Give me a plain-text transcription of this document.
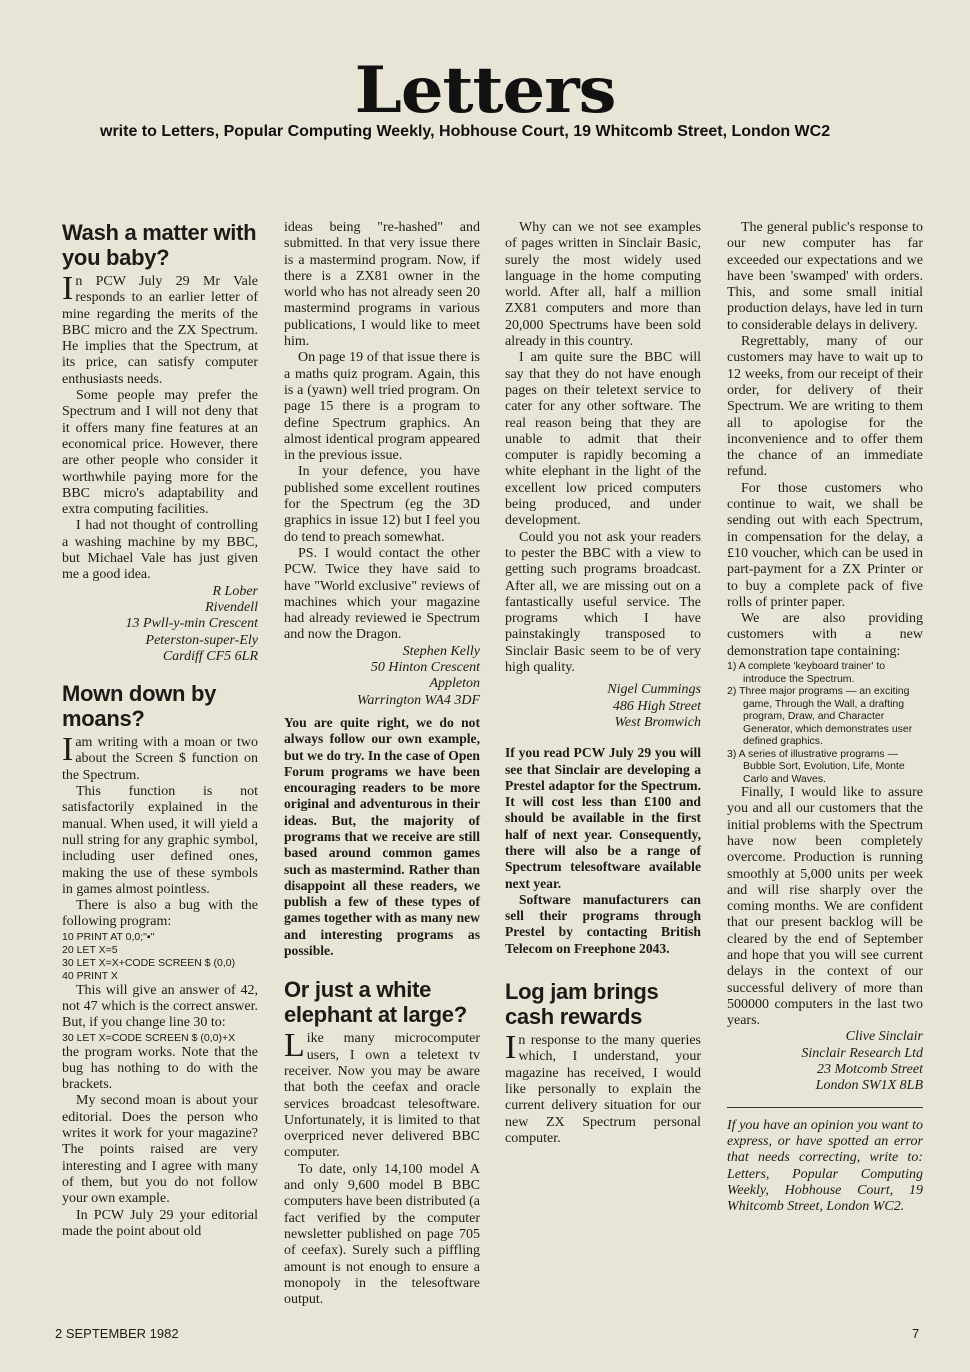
Letters
write to Letters, Popular Computing Weekly, Hobhouse Court, 19 Whitcomb Street, London WC2
Wash a matter with you baby?

In PCW July 29 Mr Vale responds to an earlier letter of mine regarding the merits of the BBC micro and the ZX Spectrum. He implies that the Spectrum, at its price, can satisfy computer enthusiasts needs.

Some people may prefer the Spectrum and I will not deny that it offers many fine features at an economical price. However, there are other people who consider it worthwhile paying more for the BBC micro's adaptability and extra computing facilities.

I had not thought of controlling a washing machine by my BBC, but Michael Vale has just given me a good idea.

R Lober
Rivendell
13 Pwll-y-min Crescent
Peterston-super-Ely
Cardiff CF5 6LR
Mown down by moans?

Iam writing with a moan or two about the Screen $ function on the Spectrum.

This function is not satisfactorily explained in the manual. When used, it will yield a null string for any graphic symbol, including user defined ones, making the use of these symbols in games almost pointless.

There is also a bug with the following program:

10 PRINT AT 0,0;"▪"
20 LET X=5
30 LET X=X+CODE SCREEN $ (0,0)
40 PRINT X

This will give an answer of 42, not 47 which is the correct answer. But, if you change line 30 to:

30 LET X=CODE SCREEN $ (0,0)+X

the program works. Note that the bug has nothing to do with the brackets.

My second moan is about your editorial. Does the person who writes it work for your magazine? The points raised are very interesting and I agree with many of them, but you do not follow your own example.

In PCW July 29 your editorial made the point about old

ideas being "re-hashed" and submitted. In that very issue there is a mastermind program. Now, if there is a ZX81 owner in the world who has not already seen 20 mastermind programs in various publications, I would like to meet him.

On page 19 of that issue there is a maths quiz program. Again, this is a (yawn) well tried program. On page 15 there is a program to define Spectrum graphics. An almost identical program appeared in the previous issue.

In your defence, you have published some excellent routines for the Spectrum (eg the 3D graphics in issue 12) but I feel you do tend to preach somewhat.

PS. I would contact the other PCW. Twice they have said to have "World exclusive" reviews of machines which your magazine had already reviewed ie Spectrum and now the Dragon.

Stephen Kelly
50 Hinton Crescent
Appleton
Warrington WA4 3DF

You are quite right, we do not always follow our own example, but we do try. In the case of Open Forum programs we have been encouraging readers to be more original and adventurous in their ideas. But, the majority of programs that we receive are still based around common games such as mastermind. Rather than disappoint all these readers, we publish a few of these types of games together with as many new and interesting programs as possible.

Or just a white elephant at large?

Like many microcomputer users, I own a teletext tv receiver. Now you may be aware that both the ceefax and oracle services broadcast telesoftware. Unfortunately, it is limited to that overpriced never delivered BBC computer.

To date, only 14,100 model A and only 9,600 model B BBC computers have been distributed (a fact verified by the computer newsletter published on page 705 of ceefax). Surely such a piffling amount is not enough to ensure a monopoly in the telesoftware output.

Why can we not see examples of pages written in Sinclair Basic, surely the most widely used language in the home computing world. After all, half a million ZX81 computers and more than 20,000 Spectrums have been sold already in this country.

I am quite sure the BBC will say that they do not have enough pages on their teletext service to cater for any other software. The real reason being that they are unable to admit that their computer is rapidly becoming a white elephant in the light of the excellent low priced computers being produced, and under development.

Could you not ask your readers to pester the BBC with a view to getting such programs broadcast. After all, we are missing out on a fantastically useful service. The programs which I have painstakingly transposed to Sinclair Basic seem to be of very high quality.

Nigel Cummings
486 High Street
West Bromwich

If you read PCW July 29 you will see that Sinclair are developing a Prestel adaptor for the Spectrum. It will cost less than £100 and should be available in the first half of next year. Consequently, there will also be a range of Spectrum telesoftware available next year.

Software manufacturers can sell their programs through Prestel by contacting British Telecom on Freephone 2043.

Log jam brings cash rewards

In response to the many queries which, I understand, your magazine has received, I would like personally to explain the current delivery situation for our new ZX Spectrum personal computer.

The general public's response to our new computer has far exceeded our expectations and we have been 'swamped' with orders. This, and some small initial production delays, have led in turn to considerable delays in delivery.

Regrettably, many of our customers may have to wait up to 12 weeks, from our receipt of their order, for delivery of their Spectrum. We are writing to them all to apologise for the inconvenience and to offer them the chance of an immediate refund.

For those customers who continue to wait, we shall be sending out with each Spectrum, in compensation for the delay, a £10 voucher, which can be used in part-payment for a ZX Printer or to buy a complete pack of five rolls of printer paper.

We are also providing customers with a new demonstration tape containing:

1) A complete 'keyboard trainer' to introduce the Spectrum.
2) Three major programs — an exciting game, Through the Wall, a drafting program, Draw, and Character Generator, which demonstrates user defined graphics.
3) A series of illustrative programs — Bubble Sort, Evolution, Life, Monte Carlo and Waves.

Finally, I would like to assure you and all our customers that the initial problems with the Spectrum have now been completely overcome. Production is running smoothly at 5,000 units per week and will rise sharply over the coming months. We are confident that our present backlog will be cleared by the end of September and hope that you will see current delays in the context of our successful delivery of more than 500000 computers in the last two years.

Clive Sinclair
Sinclair Research Ltd
23 Motcomb Street
London SW1X 8LB

If you have an opinion you want to express, or have spotted an error that needs correcting, write to: Letters, Popular Computing Weekly, Hobhouse Court, 19 Whitcomb Street, London WC2.

2 SEPTEMBER 1982	7
